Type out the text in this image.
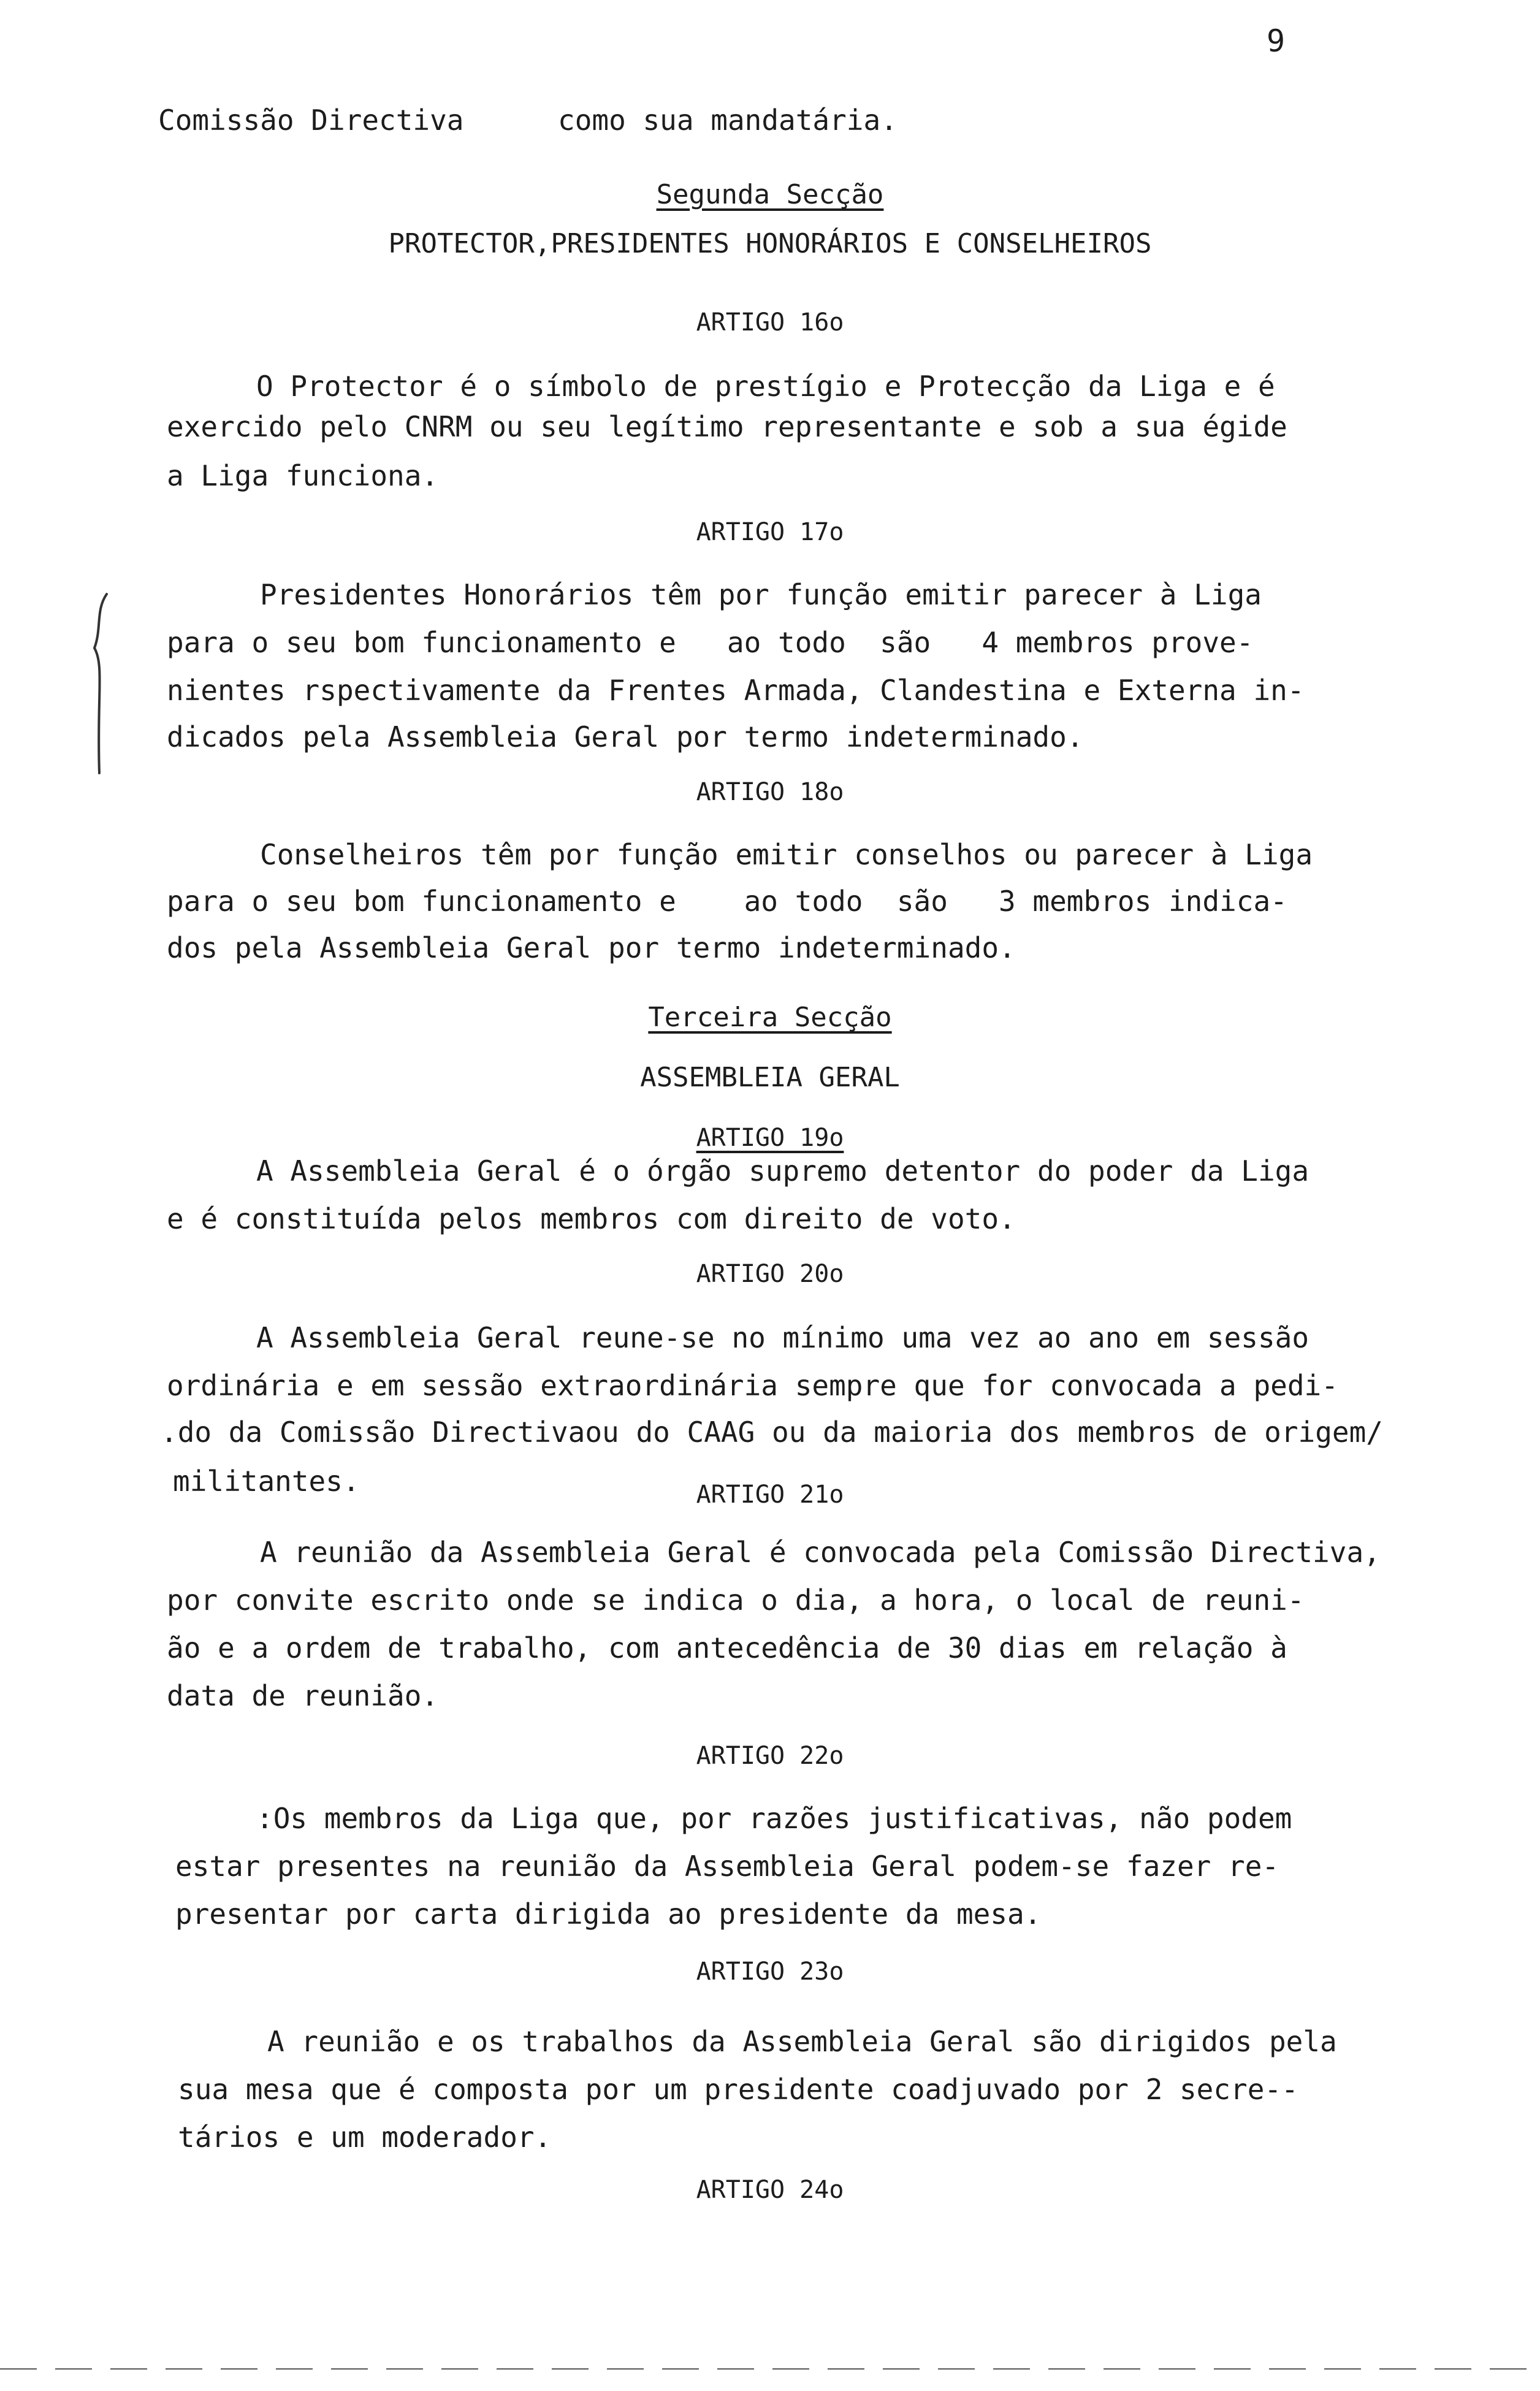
9
Comissão Directiva	como sua mandatária.
Segunda Secção
PROTECTOR,PRESIDENTES HONORÁRIOS E CONSELHEIROS
ARTIGO 16o
O Protector é o símbolo de prestígio e Protecção da Liga e é
exercido pelo CNRM ou seu legítimo representante e sob a sua égide
a Liga funciona.
ARTIGO 17o
Presidentes Honorários têm por função emitir parecer à Liga
para o seu bom funcionamento e   ao todo  são   4 membros prove-
nientes rspectivamente da Frentes Armada, Clandestina e Externa in-
dicados pela Assembleia Geral por termo indeterminado.
ARTIGO 18o
Conselheiros têm por função emitir conselhos ou parecer à Liga
para o seu bom funcionamento e    ao todo  são   3 membros indica-
dos pela Assembleia Geral por termo indeterminado.
Terceira Secção
ASSEMBLEIA GERAL
ARTIGO 19o
A Assembleia Geral é o órgão supremo detentor do poder da Liga
e é constituída pelos membros com direito de voto.
ARTIGO 20o
A Assembleia Geral reune-se no mínimo uma vez ao ano em sessão
ordinária e em sessão extraordinária sempre que for convocada a pedi-
.do da Comissão Directivaou do CAAG ou da maioria dos membros de origem/
militantes.	ARTIGO 21o
A reunião da Assembleia Geral é convocada pela Comissão Directiva,
por convite escrito onde se indica o dia, a hora, o local de reuni-
ão e a ordem de trabalho, com antecedência de 30 dias em relação à
data de reunião.
ARTIGO 22o
:Os membros da Liga que, por razões justificativas, não podem
estar presentes na reunião da Assembleia Geral podem-se fazer re-
presentar por carta dirigida ao presidente da mesa.
ARTIGO 23o
A reunião e os trabalhos da Assembleia Geral são dirigidos pela
sua mesa que é composta por um presidente coadjuvado por 2 secre--
tários e um moderador.
ARTIGO 24o
